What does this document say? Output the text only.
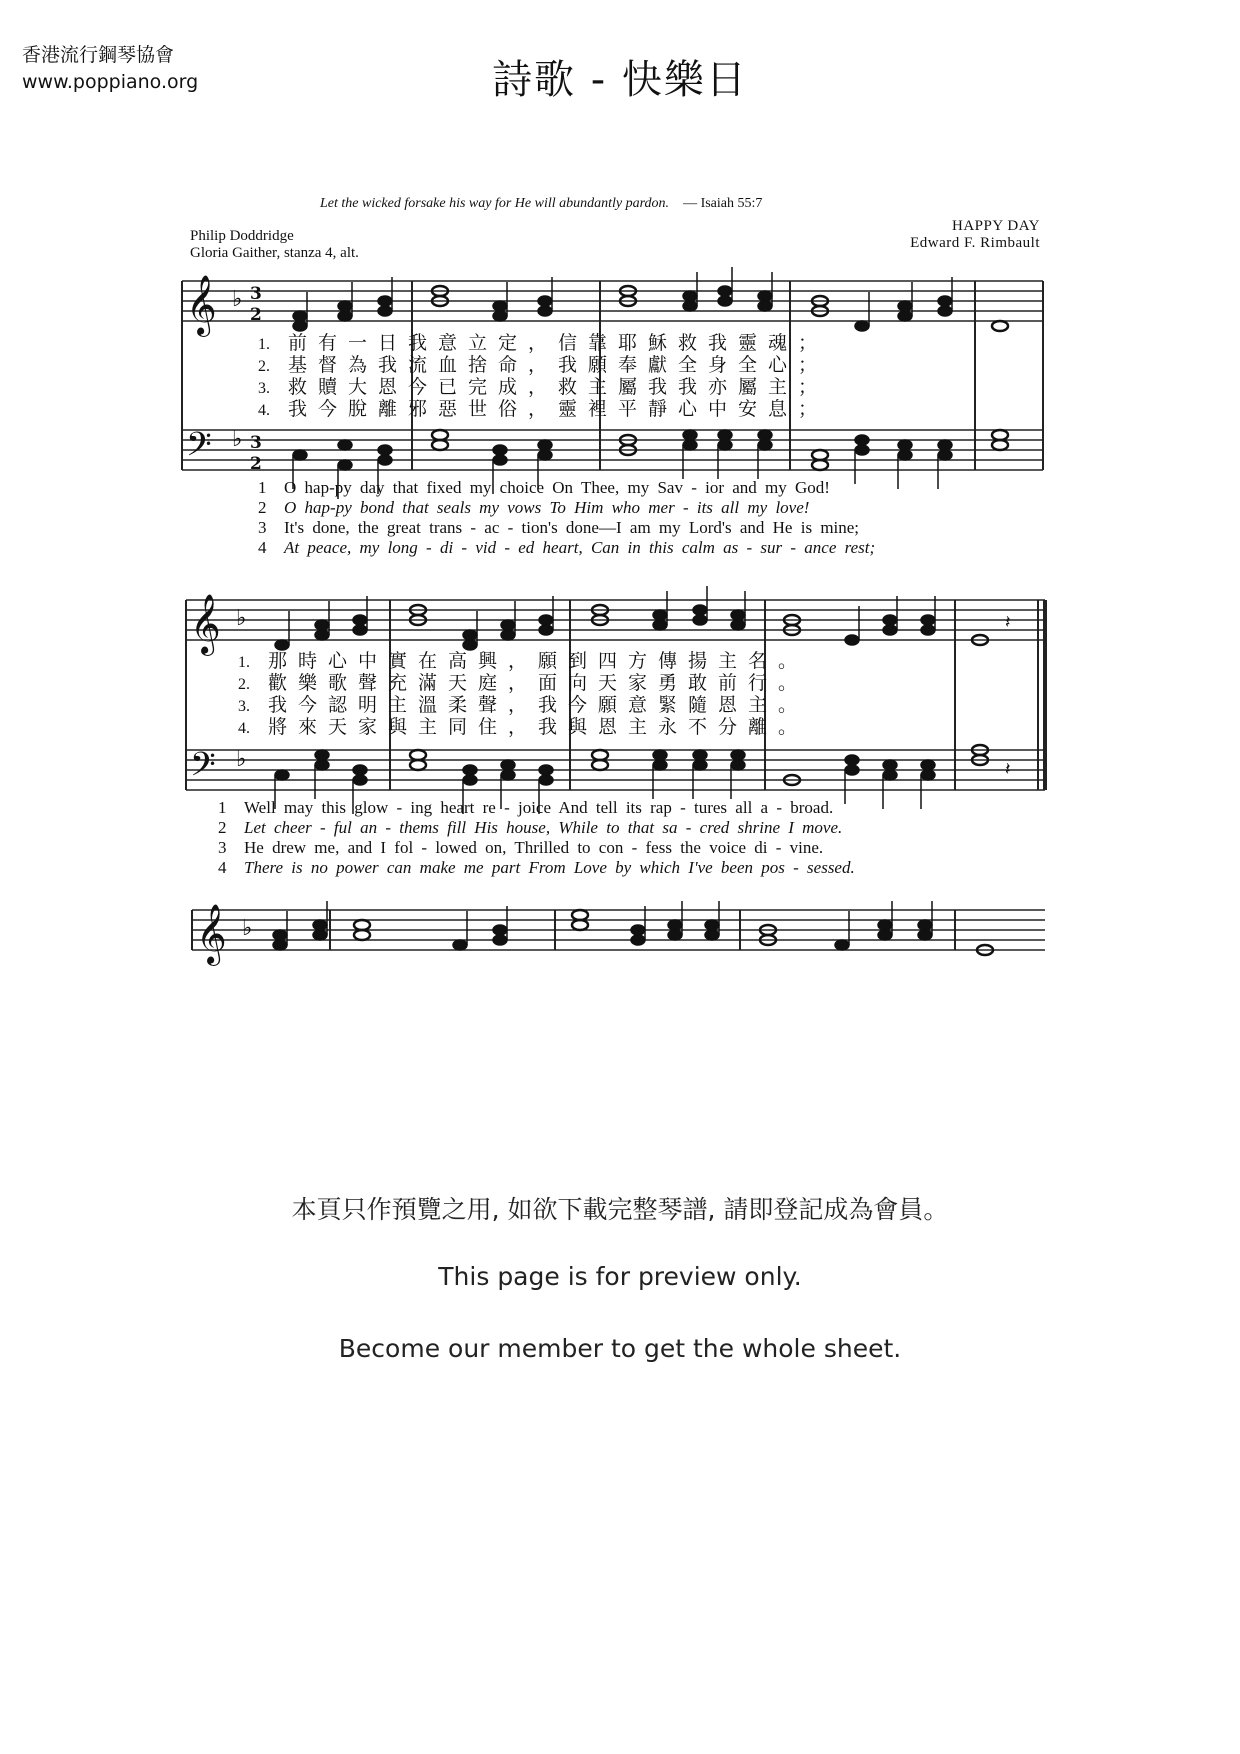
香港流行鋼琴協會
www.poppiano.org	詩歌 - 快樂日
Let the wicked forsake his way for He will abundantly pardon. — Isaiah 55:7
Philip Doddridge
Gloria Gaither, stanza 4, alt.
HAPPY DAY
Edward F. Rimbault
𝄞 ♭ 3
2
𝄢 ♭ 3
2
𝄞 ♭
𝄢 ♭
𝄞 ♭
𝄽
𝄽
1. 前有一日我意立定，信靠耶穌救我靈魂；
2. 基督為我流血捨命，我願奉獻全身全心；
3. 救贖大恩今已完成，救主屬我我亦屬主；
4. 我今脫離邪惡世俗，靈裡平靜心中安息；
1 O hap-py day that fixed my choice On Thee, my Sav - ior and my God!
2 O hap-py bond that seals my vows To Him who mer - its all my love!
3 It's done, the great trans - ac - tion's done—I am my Lord's and He is mine;
4 At peace, my long - di - vid - ed heart, Can in this calm as - sur - ance rest;
1. 那時心中實在高興，願到四方傳揚主名。
2. 歡樂歌聲充滿天庭，面向天家勇敢前行。
3. 我今認明主溫柔聲，我今願意緊隨恩主。
4. 將來天家與主同住，我與恩主永不分離。
1 Well may this glow - ing heart re - joice And tell its rap - tures all a - broad.
2 Let cheer - ful an - thems fill His house, While to that sa - cred shrine I move.
3 He drew me, and I fol - lowed on, Thrilled to con - fess the voice di - vine.
4 There is no power can make me part From Love by which I've been pos - sessed.
本頁只作預覽之用, 如欲下載完整琴譜, 請即登記成為會員。
This page is for preview only.
Become our member to get the whole sheet.
